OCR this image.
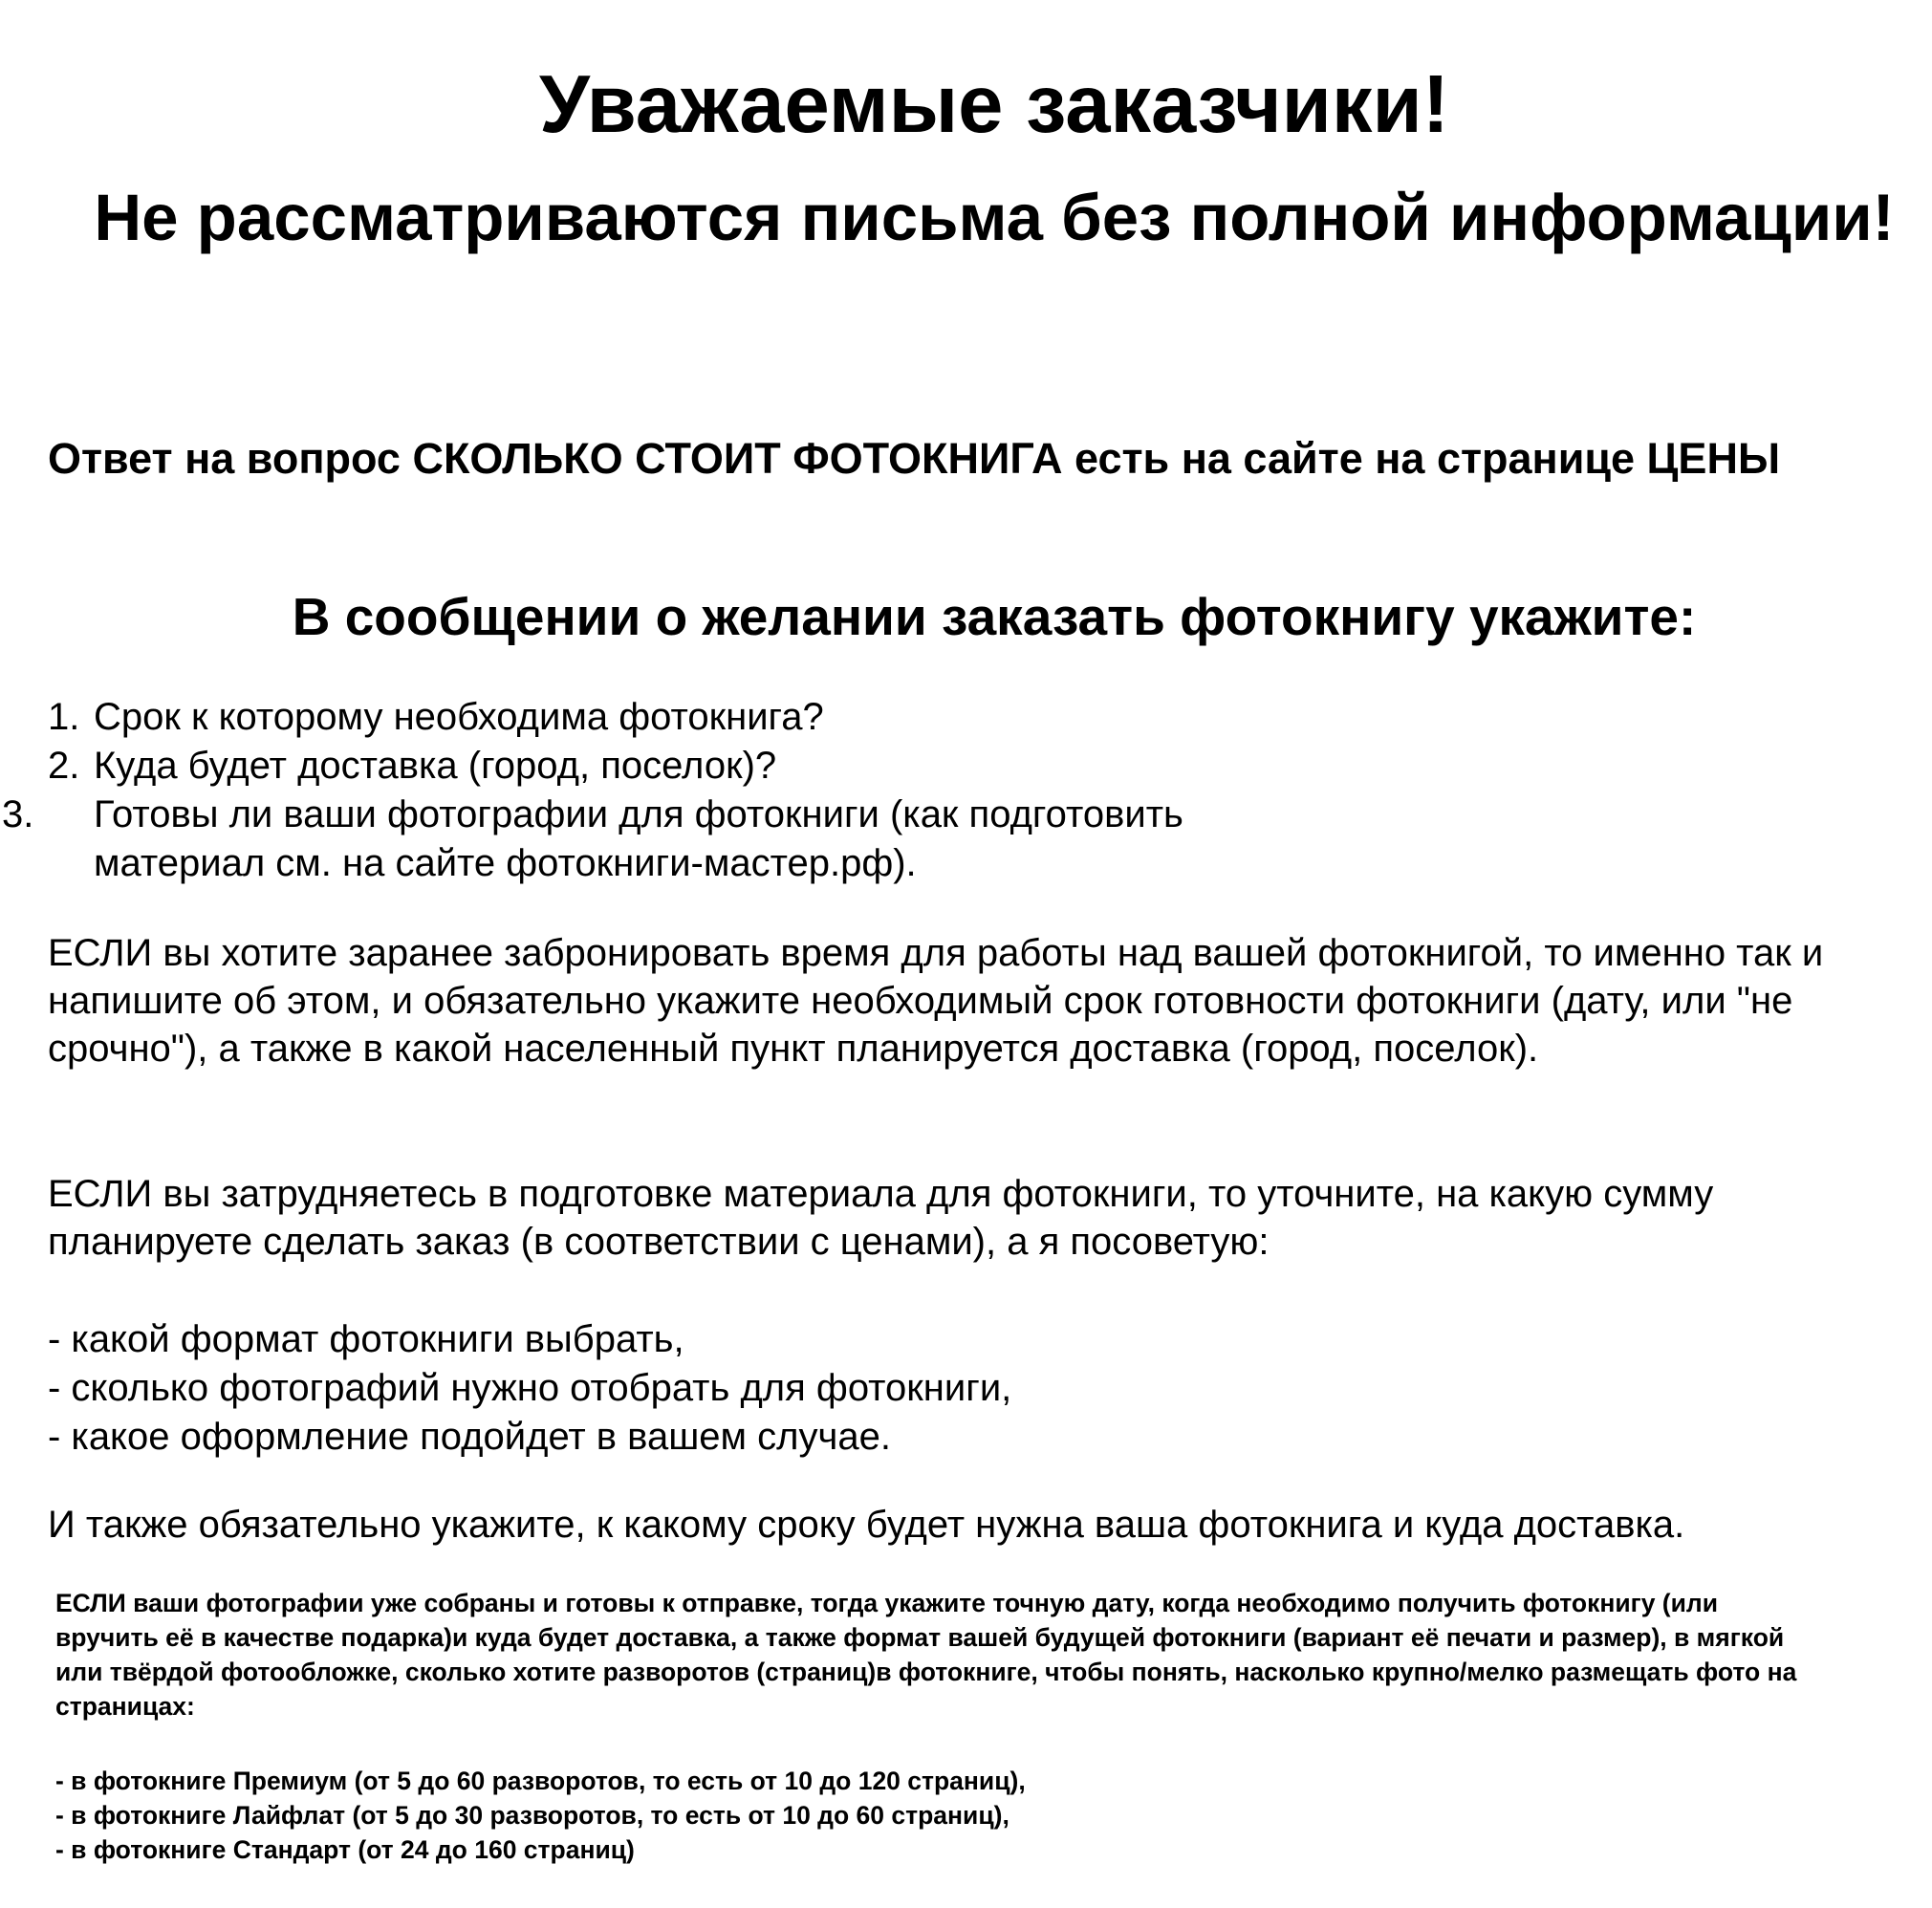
Уважаемые заказчики!
Не рассматриваются письма без полной информации!

Ответ на вопрос СКОЛЬКО СТОИТ ФОТОКНИГА есть на сайте на странице ЦЕНЫ

В сообщении о желании заказать фотокнигу укажите:
1. Срок к которому необходима фотокнига?
2. Куда будет доставка (город, поселок)?
3. Готовы ли ваши фотографии для фотокниги (как подготовить материал см. на сайте фотокниги-мастер.рф).

ЕСЛИ вы хотите заранее забронировать время для работы над вашей фотокнигой, то именно так и напишите об этом, и обязательно укажите необходимый срок готовности фотокниги (дату, или "не срочно"), а также в какой населенный пункт планируется доставка (город, поселок).

ЕСЛИ вы затрудняетесь в подготовке материала для фотокниги, то уточните, на какую сумму планируете сделать заказ (в соответствии с ценами), а я посоветую:

- какой формат фотокниги выбрать,
- сколько фотографий нужно отобрать для фотокниги,
- какое оформление подойдет в вашем случае.

И также обязательно укажите, к какому сроку будет нужна ваша фотокнига и куда доставка.

ЕСЛИ ваши фотографии уже собраны и готовы к отправке, тогда укажите точную дату, когда необходимо получить фотокнигу (или вручить её в качестве подарка)и куда будет доставка, а также формат вашей будущей фотокниги (вариант её печати и размер), в мягкой или твёрдой фотообложке, сколько хотите разворотов (страниц)в фотокниге, чтобы понять, насколько крупно/мелко размещать фото на страницах:

- в фотокниге Премиум (от 5 до 60 разворотов, то есть от 10 до 120 страниц),
- в фотокниге Лайфлат (от 5 до 30 разворотов, то есть от 10 до 60 страниц),
- в фотокниге Стандарт (от 24 до 160 страниц)
